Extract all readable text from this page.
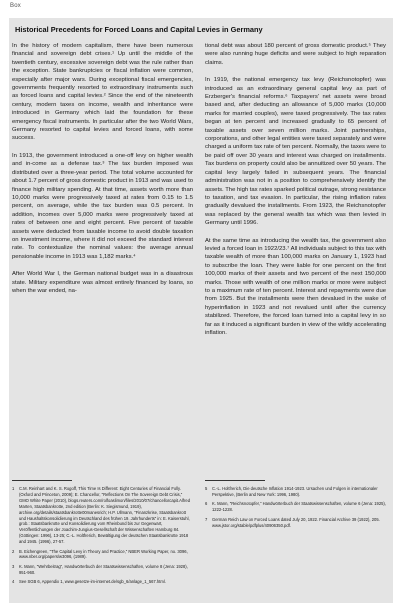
Box
Historical Precedents for Forced Loans and Capital Levies in Germany

In the history of modern capitalism, there have been numerous financial and sovereign debt crises.¹ Up until the middle of the twentieth century, excessive sovereign debt was the rule rather than the exception. State bankruptcies or fiscal inflation were common, especially after major wars. During exceptional fiscal emergencies, governments frequently resorted to extraordinary instruments such as forced loans and capital levies.² Since the end of the nineteenth century, modern taxes on income, wealth and inheritance were introduced in Germany which laid the foundation for these emergency fiscal instruments. In particular after the two World Wars, Germany resorted to capital levies and forced loans, with some success.

In 1913, the government introduced a one-off levy on higher wealth and in-come as a defense tax.³ The tax burden imposed was distributed over a three-year period. The total volume accounted for about 1.7 percent of gross domestic product in 1913 and was used to finance high military spending. At that time, assets worth more than 10,000 marks were progressively taxed at rates from 0.15 to 1.5 percent, on average, while the tax burden was 0.5 percent. In addition, incomes over 5,000 marks were progressively taxed at rates of between one and eight percent. Five percent of taxable assets were deducted from taxable income to avoid double taxation on investment income, where it did not exceed the standard interest rate. To contextualize the nominal values: the average annual pensionable income in 1913 was 1,182 marks.⁴

After World War I, the German national budget was in a disastrous state. Military expenditure was almost entirely financed by loans, so when the war ended, na-

tional debt was about 180 percent of gross domestic product.⁵ They were also running huge deficits and were subject to high reparation claims.

In 1919, the national emergency tax levy (Reichsnotopfer) was introduced as an extraordinary general capital levy as part of Erzberger's financial reforms.⁶ Taxpayers' net assets were broad based and, after deducting an allowance of 5,000 marks (10,000 marks for married couples), were taxed progressively. The tax rates began at ten percent and increased gradually to 65 percent of taxable assets over seven million marks. Joint partnerships, corporations, and other legal entities were taxed separately and were charged a uniform tax rate of ten percent. Normally, the taxes were to be paid off over 30 years and interest was charged on installments. Tax burdens on property could also be annuitized over 50 years. The capital levy largely failed in subsequent years. The financial administration was not in a position to comprehensively identify the assets. The high tax rates sparked political outrage, strong resistance to taxation, and tax evasion. In particular, the rising inflation rates gradually devalued the installments. From 1923, the Reichsnotopfer was replaced by the general wealth tax which was then levied in Germany until 1996.

At the same time as introducing the wealth tax, the government also levied a forced loan in 1922/23.⁷ All individuals subject to this tax with taxable wealth of more than 100,000 marks on January 1, 1923 had to subscribe the loan. They were liable for one percent on the first 100,000 marks of their assets and two percent of the next 150,000 marks. Those with wealth of one million marks or more were subject to a maximum rate of ten percent. Interest and repayments were due from 1925. But the installments were then devalued in the wake of hyperinflation in 1923 and not revalued until after the currency stabilized. Therefore, the forced loan turned into a capital levy in so far as it induced a significant burden in view of the wildly accelerating inflation.

1 C.M. Reinhart and K. S. Rogoff, This Time Is Different: Eight Centuries of Financial Folly. (Oxford and Princeton, 2009); E. Chancellor, "Reflections On The Sovereign Debt Crisis," GMO White Paper (2010), blogs.reuters.com/rolfoaslimon/files/2010/07/chancellorcapit.Alfred Marten, Staatsbankrotte, 2nd edition (Berlin: K. Siegismund, 1919), archive.org/details/staatsbankrotte00manesrich; H.P. Ullmann, "Finanzkrise, Staatsbankrott und Haushaltskonsolidierung im Deutschland des frühen 19. Jahrhunderts" in: E. Kaiserstuhl, grob.: Staatsbankrotte und Konsolidierung vom Rheinbund bis zur Gegenwart, Veröffentlichungen der Joachim-Jungius-Gesellschaft der Wissenschaften Hamburg 84. (Göttingen: 1996), 13-25; C.-L. Holtfrerich, Bewältigung der deutschen Staatsbankrotte 1918 and 1945. (1996), 27-57.

2 B. Eichengreen, "The Capital Levy in Theory and Practice," NBER Working Paper, no. 3096, www.nber.org/papers/w3096, (1989).

3 K. Mann, "Wehrbeitrag", Handwörterbuch der Staatswissenschaften, volume 8 (Jena: 1928), 951-960.

4 See SGB 6, Appendix 1, www.gesetze-im-internet.de/sgb_6/anlage_1_567.html.

5 C.-L. Holtfrerich, Die deutsche Inflation 1914-1923. Ursachen und Folgen in internationaler Perspektive, (Berlin and New York: 1996, 1980).

6 K. Mann, "Reichsnotopfer," Handwörterbuch der Staatswissenschaften, volume 6 (Jena: 1925), 1222-1228.

7 German Reich Law on Forced Loans dated July 20, 1922. Financial Archive 39 (1922), 205. www.jstor.org/stable/pdfplus/40906350.pdf.
